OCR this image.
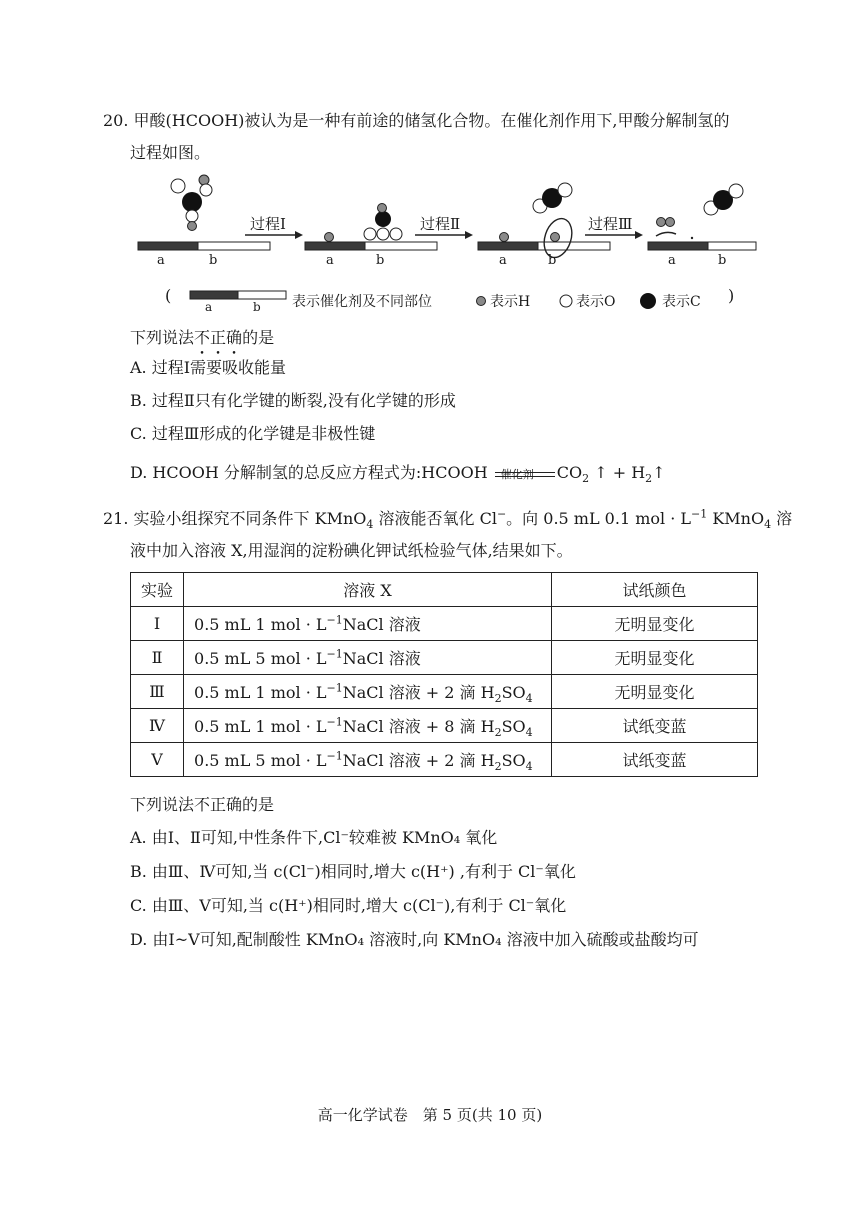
20. 甲酸(HCOOH)被认为是一种有前途的储氢化合物。在催化剂作用下,甲酸分解制氢的
过程如图。
过程Ⅰ	过程Ⅱ	过程Ⅲ
a	b	a	b	a	b	a	b
(
a	b 表示催化剂及不同部位	表示H	表示O	表示C )
下列说法不正确的是
A. 过程Ⅰ需要吸收能量
B. 过程Ⅱ只有化学键的断裂,没有化学键的形成
C. 过程Ⅲ形成的化学键是非极性键
D. HCOOH 分解制氢的总反应方程式为:HCOOH 催化剂 $CO_2$ ↑ + $H_2↑$
21. 实验小组探究不同条件下 KMnO$_4$ 溶液能否氧化 Cl−。向 0.5 mL 0.1 mol · $L^{-1}$ KMnO$_4$ 溶
液中加入溶液 X,用湿润的淀粉碘化钾试纸检验气体,结果如下。
实验	溶液 X	试纸颜色
Ⅰ	0.5 mL 1 mol · $L^{-1}NaCl$ 溶液	无明显变化
Ⅱ	0.5 mL 5 mol · $L^{-1}NaCl$ 溶液	无明显变化
Ⅲ	0.5 mL 1 mol · $L^{-1}NaCl$ 溶液 + 2 滴 $H_2SO_4$	无明显变化
Ⅳ	0.5 mL 1 mol · $L^{-1}NaCl$ 溶液 + 8 滴 $H_2SO_4$	试纸变蓝
Ⅴ	0.5 mL 5 mol · $L^{-1}NaCl$ 溶液 + 2 滴 $H_2SO_4$	试纸变蓝
下列说法不正确的是
A. 由Ⅰ、Ⅱ可知,中性条件下,Cl⁻较难被 KMnO₄ 氧化
B. 由Ⅲ、Ⅳ可知,当 c(Cl⁻)相同时,增大 c(H⁺) ,有利于 Cl⁻氧化
C. 由Ⅲ、Ⅴ可知,当 c(H⁺)相同时,增大 c(Cl⁻),有利于 Cl⁻氧化
D. 由Ⅰ~Ⅴ可知,配制酸性 KMnO₄ 溶液时,向 KMnO₄ 溶液中加入硫酸或盐酸均可
高一化学试卷　第 5 页(共 10 页)
